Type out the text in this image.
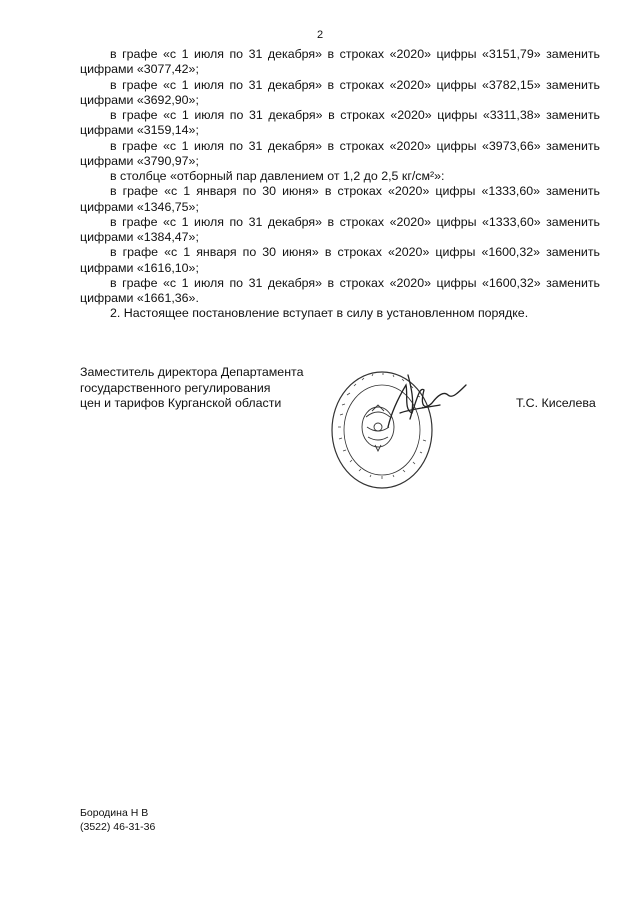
2
в графе «с 1 июля по 31 декабря» в строках «2020» цифры «3151,79» заменить цифрами «3077,42»;
в графе «с 1 июля по 31 декабря» в строках «2020» цифры «3782,15» заменить цифрами «3692,90»;
в графе «с 1 июля по 31 декабря» в строках «2020» цифры «3311,38» заменить цифрами «3159,14»;
в графе «с 1 июля по 31 декабря» в строках «2020» цифры «3973,66» заменить цифрами «3790,97»;
в столбце «отборный пар давлением от 1,2 до 2,5 кг/см²»:
в графе «с 1 января по 30 июня» в строках «2020» цифры «1333,60» заменить цифрами «1346,75»;
в графе «с 1 июля по 31 декабря» в строках «2020» цифры «1333,60» заменить цифрами «1384,47»;
в графе «с 1 января по 30 июня» в строках «2020» цифры «1600,32» заменить цифрами «1616,10»;
в графе «с 1 июля по 31 декабря» в строках «2020» цифры «1600,32» заменить цифрами «1661,36».
2. Настоящее постановление вступает в силу в установленном порядке.
Заместитель директора Департамента
государственного регулирования
цен и тарифов Курганской области	Т.С. Киселева
Бородина Н В
(3522) 46-31-36
